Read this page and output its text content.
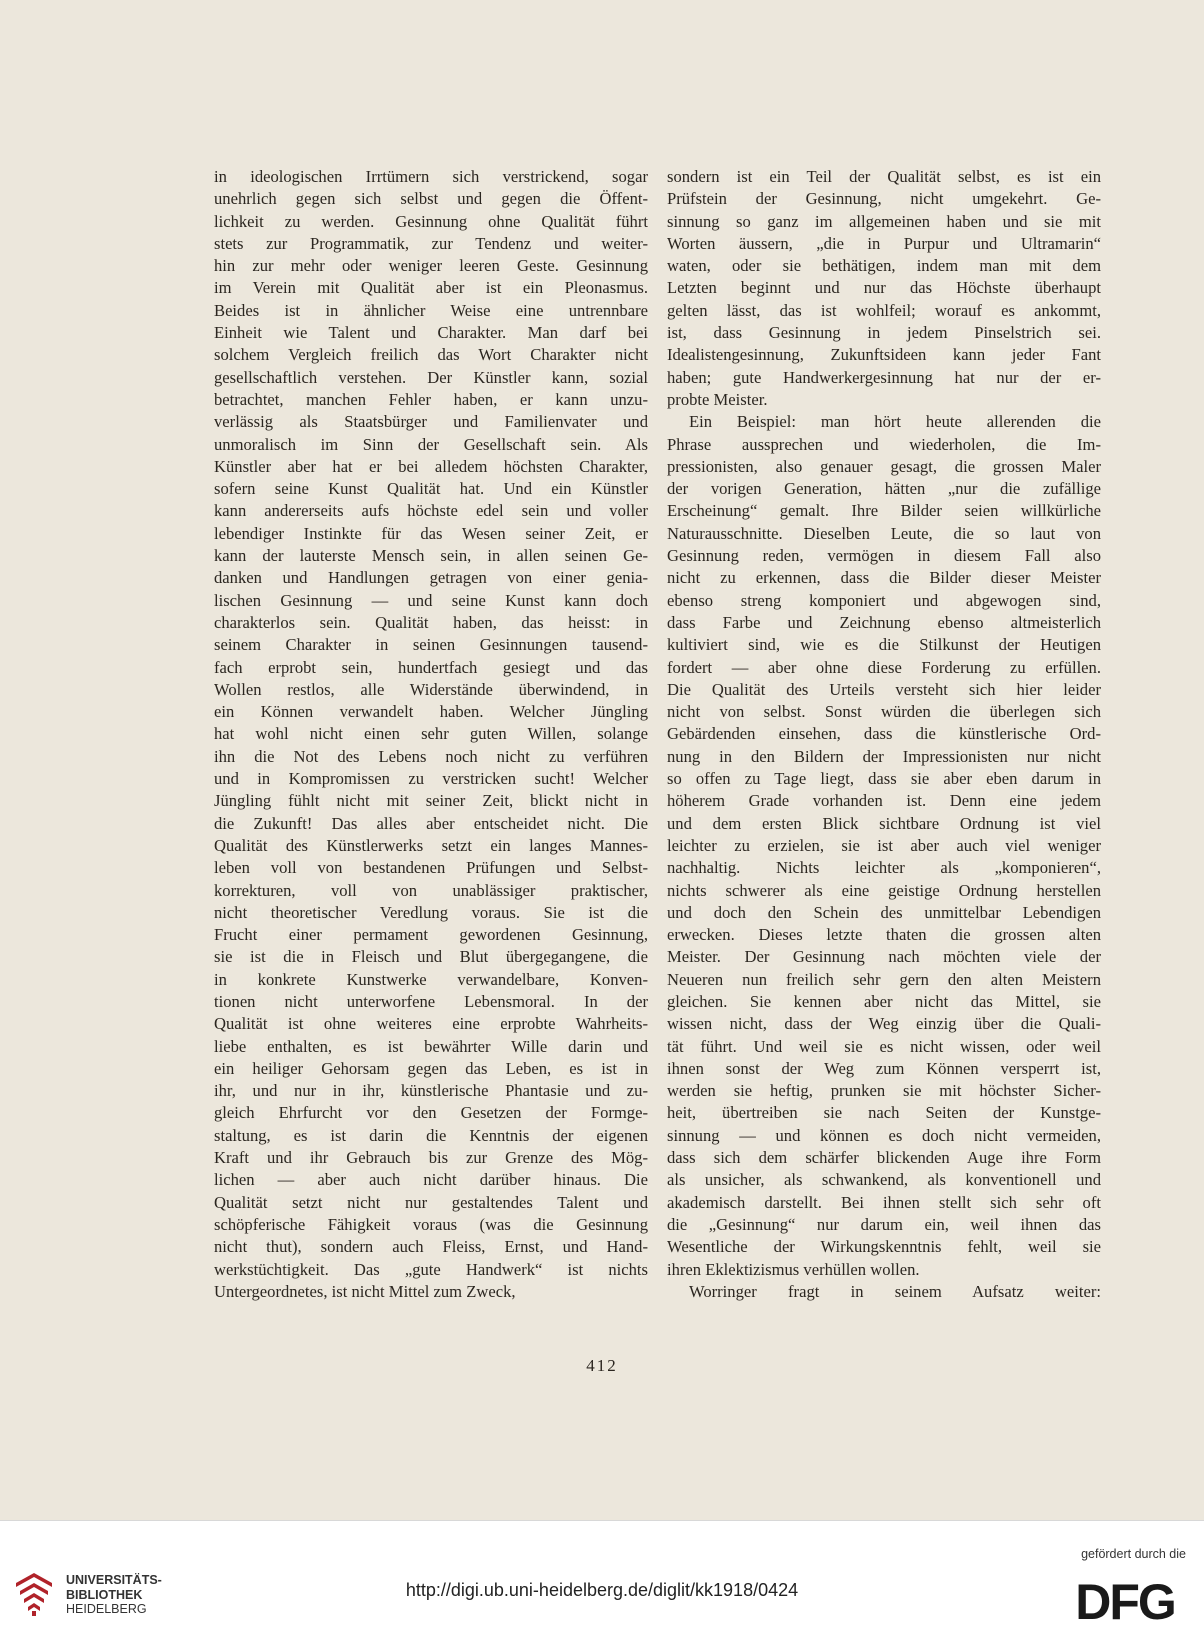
in ideologischen Irrtümern sich verstrickend, sogar
unehrlich gegen sich selbst und gegen die Öffent-
lichkeit zu werden. Gesinnung ohne Qualität führt
stets zur Programmatik, zur Tendenz und weiter-
hin zur mehr oder weniger leeren Geste. Gesinnung
im Verein mit Qualität aber ist ein Pleonasmus.
Beides ist in ähnlicher Weise eine untrennbare
Einheit wie Talent und Charakter. Man darf bei
solchem Vergleich freilich das Wort Charakter nicht
gesellschaftlich verstehen. Der Künstler kann, sozial
betrachtet, manchen Fehler haben, er kann unzu-
verlässig als Staatsbürger und Familienvater und
unmoralisch im Sinn der Gesellschaft sein. Als
Künstler aber hat er bei alledem höchsten Charakter,
sofern seine Kunst Qualität hat. Und ein Künstler
kann andererseits aufs höchste edel sein und voller
lebendiger Instinkte für das Wesen seiner Zeit, er
kann der lauterste Mensch sein, in allen seinen Ge-
danken und Handlungen getragen von einer genia-
lischen Gesinnung — und seine Kunst kann doch
charakterlos sein. Qualität haben, das heisst: in
seinem Charakter in seinen Gesinnungen tausend-
fach erprobt sein, hundertfach gesiegt und das
Wollen restlos, alle Widerstände überwindend, in
ein Können verwandelt haben. Welcher Jüngling
hat wohl nicht einen sehr guten Willen, solange
ihn die Not des Lebens noch nicht zu verführen
und in Kompromissen zu verstricken sucht! Welcher
Jüngling fühlt nicht mit seiner Zeit, blickt nicht in
die Zukunft! Das alles aber entscheidet nicht. Die
Qualität des Künstlerwerks setzt ein langes Mannes-
leben voll von bestandenen Prüfungen und Selbst-
korrekturen, voll von unablässiger praktischer,
nicht theoretischer Veredlung voraus. Sie ist die
Frucht einer permament gewordenen Gesinnung,
sie ist die in Fleisch und Blut übergegangene, die
in konkrete Kunstwerke verwandelbare, Konven-
tionen nicht unterworfene Lebensmoral. In der
Qualität ist ohne weiteres eine erprobte Wahrheits-
liebe enthalten, es ist bewährter Wille darin und
ein heiliger Gehorsam gegen das Leben, es ist in
ihr, und nur in ihr, künstlerische Phantasie und zu-
gleich Ehrfurcht vor den Gesetzen der Formge-
staltung, es ist darin die Kenntnis der eigenen
Kraft und ihr Gebrauch bis zur Grenze des Mög-
lichen — aber auch nicht darüber hinaus. Die
Qualität setzt nicht nur gestaltendes Talent und
schöpferische Fähigkeit voraus (was die Gesinnung
nicht thut), sondern auch Fleiss, Ernst, und Hand-
werkstüchtigkeit. Das „gute Handwerk“ ist nichts
Untergeordnetes, ist nicht Mittel zum Zweck,
sondern ist ein Teil der Qualität selbst, es ist ein
Prüfstein der Gesinnung, nicht umgekehrt. Ge-
sinnung so ganz im allgemeinen haben und sie mit
Worten äussern, „die in Purpur und Ultramarin“
waten, oder sie bethätigen, indem man mit dem
Letzten beginnt und nur das Höchste überhaupt
gelten lässt, das ist wohlfeil; worauf es ankommt,
ist, dass Gesinnung in jedem Pinselstrich sei.
Idealistengesinnung, Zukunftsideen kann jeder Fant
haben; gute Handwerkergesinnung hat nur der er-
probte Meister.
Ein Beispiel: man hört heute allerenden die
Phrase aussprechen und wiederholen, die Im-
pressionisten, also genauer gesagt, die grossen Maler
der vorigen Generation, hätten „nur die zufällige
Erscheinung“ gemalt. Ihre Bilder seien willkürliche
Naturausschnitte. Dieselben Leute, die so laut von
Gesinnung reden, vermögen in diesem Fall also
nicht zu erkennen, dass die Bilder dieser Meister
ebenso streng komponiert und abgewogen sind,
dass Farbe und Zeichnung ebenso altmeisterlich
kultiviert sind, wie es die Stilkunst der Heutigen
fordert — aber ohne diese Forderung zu erfüllen.
Die Qualität des Urteils versteht sich hier leider
nicht von selbst. Sonst würden die überlegen sich
Gebärdenden einsehen, dass die künstlerische Ord-
nung in den Bildern der Impressionisten nur nicht
so offen zu Tage liegt, dass sie aber eben darum in
höherem Grade vorhanden ist. Denn eine jedem
und dem ersten Blick sichtbare Ordnung ist viel
leichter zu erzielen, sie ist aber auch viel weniger
nachhaltig. Nichts leichter als „komponieren“,
nichts schwerer als eine geistige Ordnung herstellen
und doch den Schein des unmittelbar Lebendigen
erwecken. Dieses letzte thaten die grossen alten
Meister. Der Gesinnung nach möchten viele der
Neueren nun freilich sehr gern den alten Meistern
gleichen. Sie kennen aber nicht das Mittel, sie
wissen nicht, dass der Weg einzig über die Quali-
tät führt. Und weil sie es nicht wissen, oder weil
ihnen sonst der Weg zum Können versperrt ist,
werden sie heftig, prunken sie mit höchster Sicher-
heit, übertreiben sie nach Seiten der Kunstge-
sinnung — und können es doch nicht vermeiden,
dass sich dem schärfer blickenden Auge ihre Form
als unsicher, als schwankend, als konventionell und
akademisch darstellt. Bei ihnen stellt sich sehr oft
die „Gesinnung“ nur darum ein, weil ihnen das
Wesentliche der Wirkungskenntnis fehlt, weil sie
ihren Eklektizismus verhüllen wollen.
Worringer fragt in seinem Aufsatz weiter:
412
UNIVERSITÄTS-
BIBLIOTHEK
HEIDELBERG
http://digi.ub.uni-heidelberg.de/diglit/kk1918/0424
gefördert durch die
DFG
